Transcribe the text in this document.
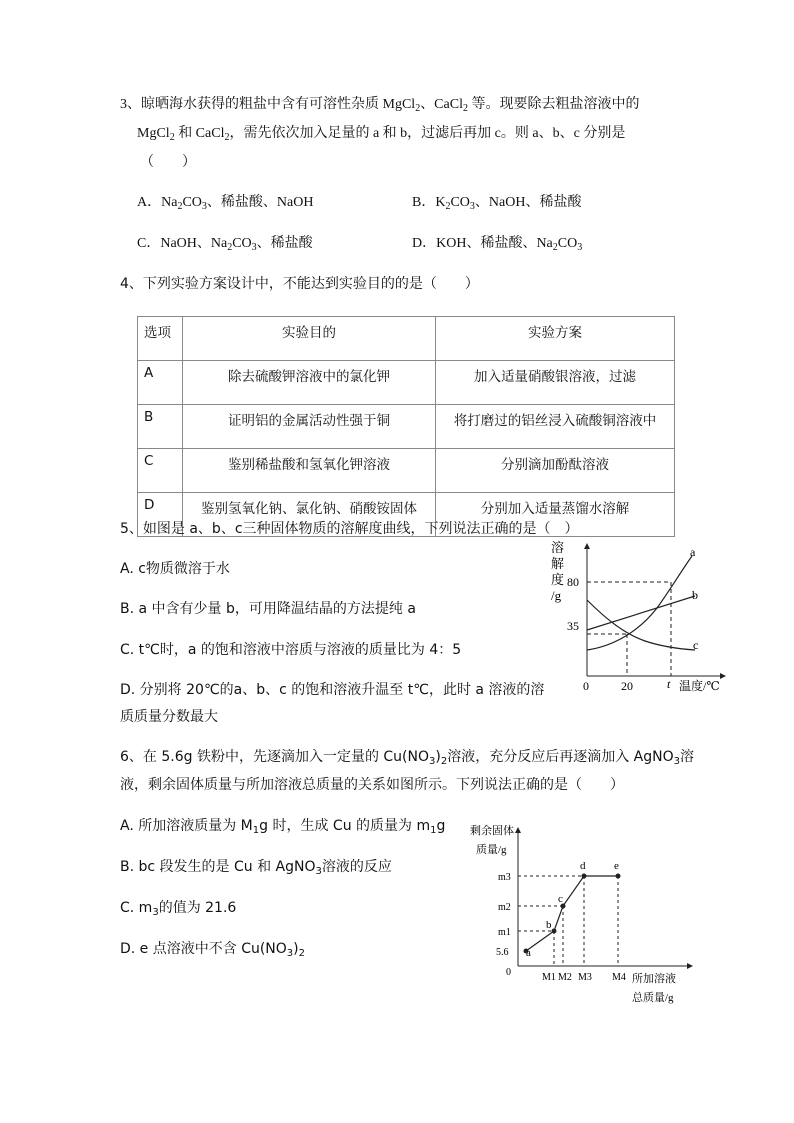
3、晾晒海水获得的粗盐中含有可溶性杂质 MgCl$_2$、CaCl$_2$ 等。现要除去粗盐溶液中的
MgCl$_2$ 和 CaCl$_2$，需先依次加入足量的 a 和 b，过滤后再加 c。则 a、b、c 分别是
（　　）
A．$Na_2CO_3$、稀盐酸、NaOH	B．$K_2CO_3$、NaOH、稀盐酸
C．NaOH、$Na_2CO_3$、稀盐酸	D．KOH、稀盐酸、$Na_2CO_3$
4、下列实验方案设计中，不能达到实验目的的是（　　）
选项	实验目的	实验方案
A	除去硫酸钾溶液中的氯化钾	加入适量硝酸银溶液，过滤
B	证明铝的金属活动性强于铜	将打磨过的铝丝浸入硫酸铜溶液中
C	鉴别稀盐酸和氢氧化钾溶液	分别滴加酚酞溶液
D	鉴别氢氧化钠、氯化钠、硝酸铵固体	分别加入适量蒸馏水溶解
5、如图是 a、b、c三种固体物质的溶解度曲线，下列说法正确的是（　）
A. c物质微溶于水
B. a 中含有少量 b，可用降温结晶的方法提纯 a
C. t℃时，a 的饱和溶液中溶质与溶液的质量比为 4：5
D. 分别将 20℃的a、b、c 的饱和溶液升温至 t℃，此时 a 溶液的溶
质质量分数最大
溶
解
度
/g
80
35
0	20	t 温度/℃
a
b
c
6、在 5.6g 铁粉中，先逐滴加入一定量的 $Cu(NO_3)_2$溶液，充分反应后再逐滴加入 AgNO$_3$溶
液，剩余固体质量与所加溶液总质量的关系如图所示。下列说法正确的是（　　）
A. 所加溶液质量为 $M_1g$ 时，生成 Cu 的质量为 $m_1g$
B. bc 段发生的是 Cu 和 AgNO$_3$溶液的反应
C. $m_3$的值为 21.6
D. e 点溶液中不含 $Cu(NO_3)_2$
剩余固体
质量/g
a
b
c
d	e
m3
m2
m1
5.6
0	M1 M2 M3 M4 所加溶液
总质量/g
